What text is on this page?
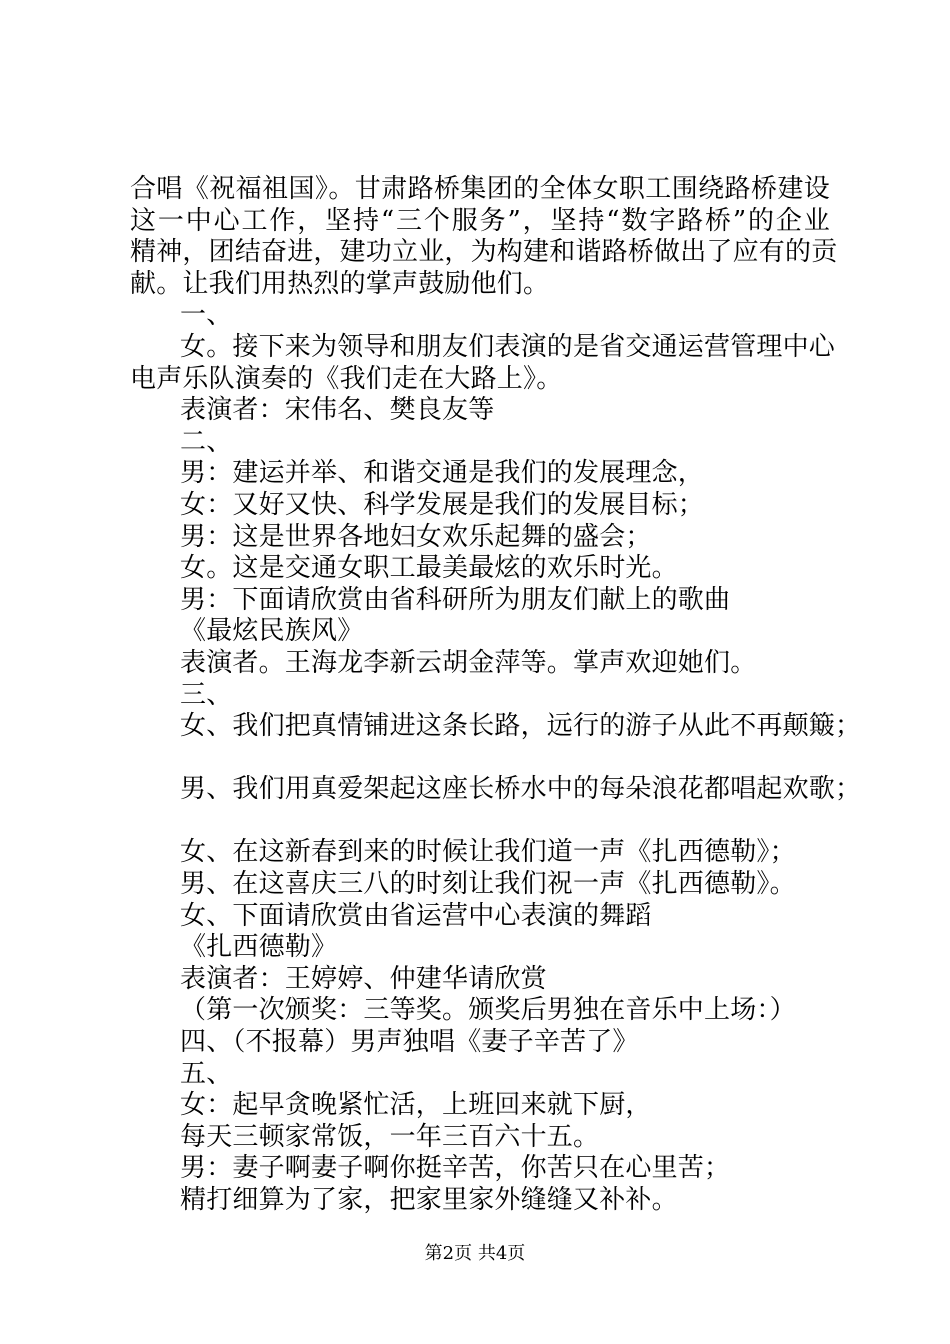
合唱《祝福祖国》。甘肃路桥集团的全体女职工围绕路桥建设
这一中心工作，坚持“三个服务”，坚持“数字路桥”的企业
精神，团结奋进，建功立业，为构建和谐路桥做出了应有的贡
献。让我们用热烈的掌声鼓励他们。
一、
女。接下来为领导和朋友们表演的是省交通运营管理中心
电声乐队演奏的《我们走在大路上》。
表演者：宋伟名、樊良友等
二、
男：建运并举、和谐交通是我们的发展理念，
女：又好又快、科学发展是我们的发展目标；
男：这是世界各地妇女欢乐起舞的盛会；
女。这是交通女职工最美最炫的欢乐时光。
男：下面请欣赏由省科研所为朋友们献上的歌曲
《最炫民族风》
表演者。王海龙李新云胡金萍等。掌声欢迎她们。
三、
女、我们把真情铺进这条长路，远行的游子从此不再颠簸；
男、我们用真爱架起这座长桥水中的每朵浪花都唱起欢歌；
女、在这新春到来的时候让我们道一声《扎西德勒》；
男、在这喜庆三八的时刻让我们祝一声《扎西德勒》。
女、下面请欣赏由省运营中心表演的舞蹈
《扎西德勒》
表演者：王婷婷、仲建华请欣赏
（第一次颁奖：三等奖。颁奖后男独在音乐中上场：）
四、（不报幕）男声独唱《妻子辛苦了》
五、
女：起早贪晚紧忙活，上班回来就下厨，
每天三顿家常饭，一年三百六十五。
男：妻子啊妻子啊你挺辛苦，你苦只在心里苦；
精打细算为了家，把家里家外缝缝又补补。
第2页 共4页
